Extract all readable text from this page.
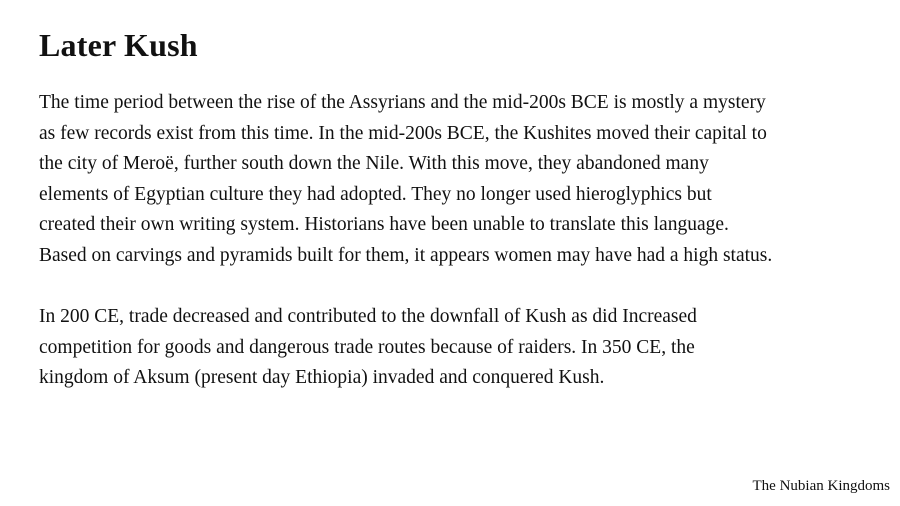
Later Kush

The time period between the rise of the Assyrians and the mid-200s BCE is mostly a mystery
as few records exist from this time. In the mid-200s BCE, the Kushites moved their capital to
the city of Meroë, further south down the Nile. With this move, they abandoned many
elements of Egyptian culture they had adopted. They no longer used hieroglyphics but
created their own writing system. Historians have been unable to translate this language.
Based on carvings and pyramids built for them, it appears women may have had a high status.

In 200 CE, trade decreased and contributed to the downfall of Kush as did Increased
competition for goods and dangerous trade routes because of raiders. In 350 CE, the
kingdom of Aksum (present day Ethiopia) invaded and conquered Kush.

The Nubian Kingdoms
